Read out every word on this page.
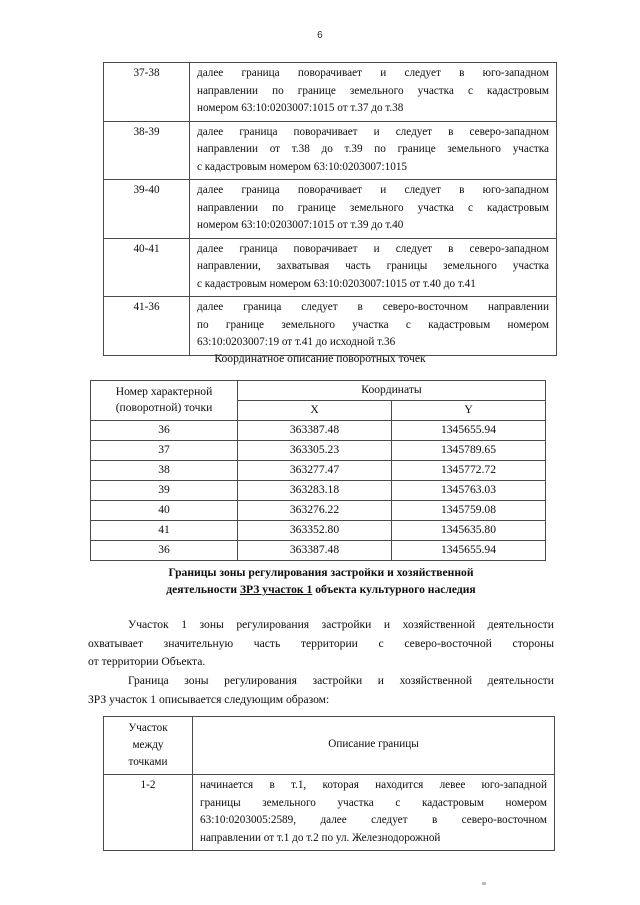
6
37-38	далее граница поворачивает и следует в юго-западном
направлении по границе земельного участка с кадастровым
номером 63:10:0203007:1015 от т.37 до т.38

38-39	далее граница поворачивает и следует в северо-западном
направлении от т.38 до т.39 по границе земельного участка
с кадастровым номером 63:10:0203007:1015

39-40	далее граница поворачивает и следует в юго-западном
направлении по границе земельного участка с кадастровым
номером 63:10:0203007:1015 от т.39 до т.40

40-41	далее граница поворачивает и следует в северо-западном
направлении, захватывая часть границы земельного участка
с кадастровым номером 63:10:0203007:1015 от т.40 до т.41

41-36	далее граница следует в северо-восточном направлении
по границе земельного участка с кадастровым номером
63:10:0203007:19 от т.41 до исходной т.36
Координатное описание поворотных точек
Номер характерной
(поворотной) точки	Координаты	
	X	Y
36	363387.48	1345655.94
37	363305.23	1345789.65
38	363277.47	1345772.72
39	363283.18	1345763.03
40	363276.22	1345759.08
41	363352.80	1345635.80
36	363387.48	1345655.94
Границы зоны регулирования застройки и хозяйственной
деятельности ЗРЗ участок 1 объекта культурного наследия
Участок 1 зоны регулирования застройки и хозяйственной деятельности
охватывает значительную часть территории с северо-восточной стороны
от территории Объекта.
Граница зоны регулирования застройки и хозяйственной деятельности
ЗРЗ участок 1 описывается следующим образом:
Участок
между
точками	Описание границы
1-2	начинается в т.1, которая находится левее юго-западной
границы земельного участка с кадастровым номером
63:10:0203005:2589, далее следует в северо-восточном
направлении от т.1 до т.2 по ул. Железнодорожной
